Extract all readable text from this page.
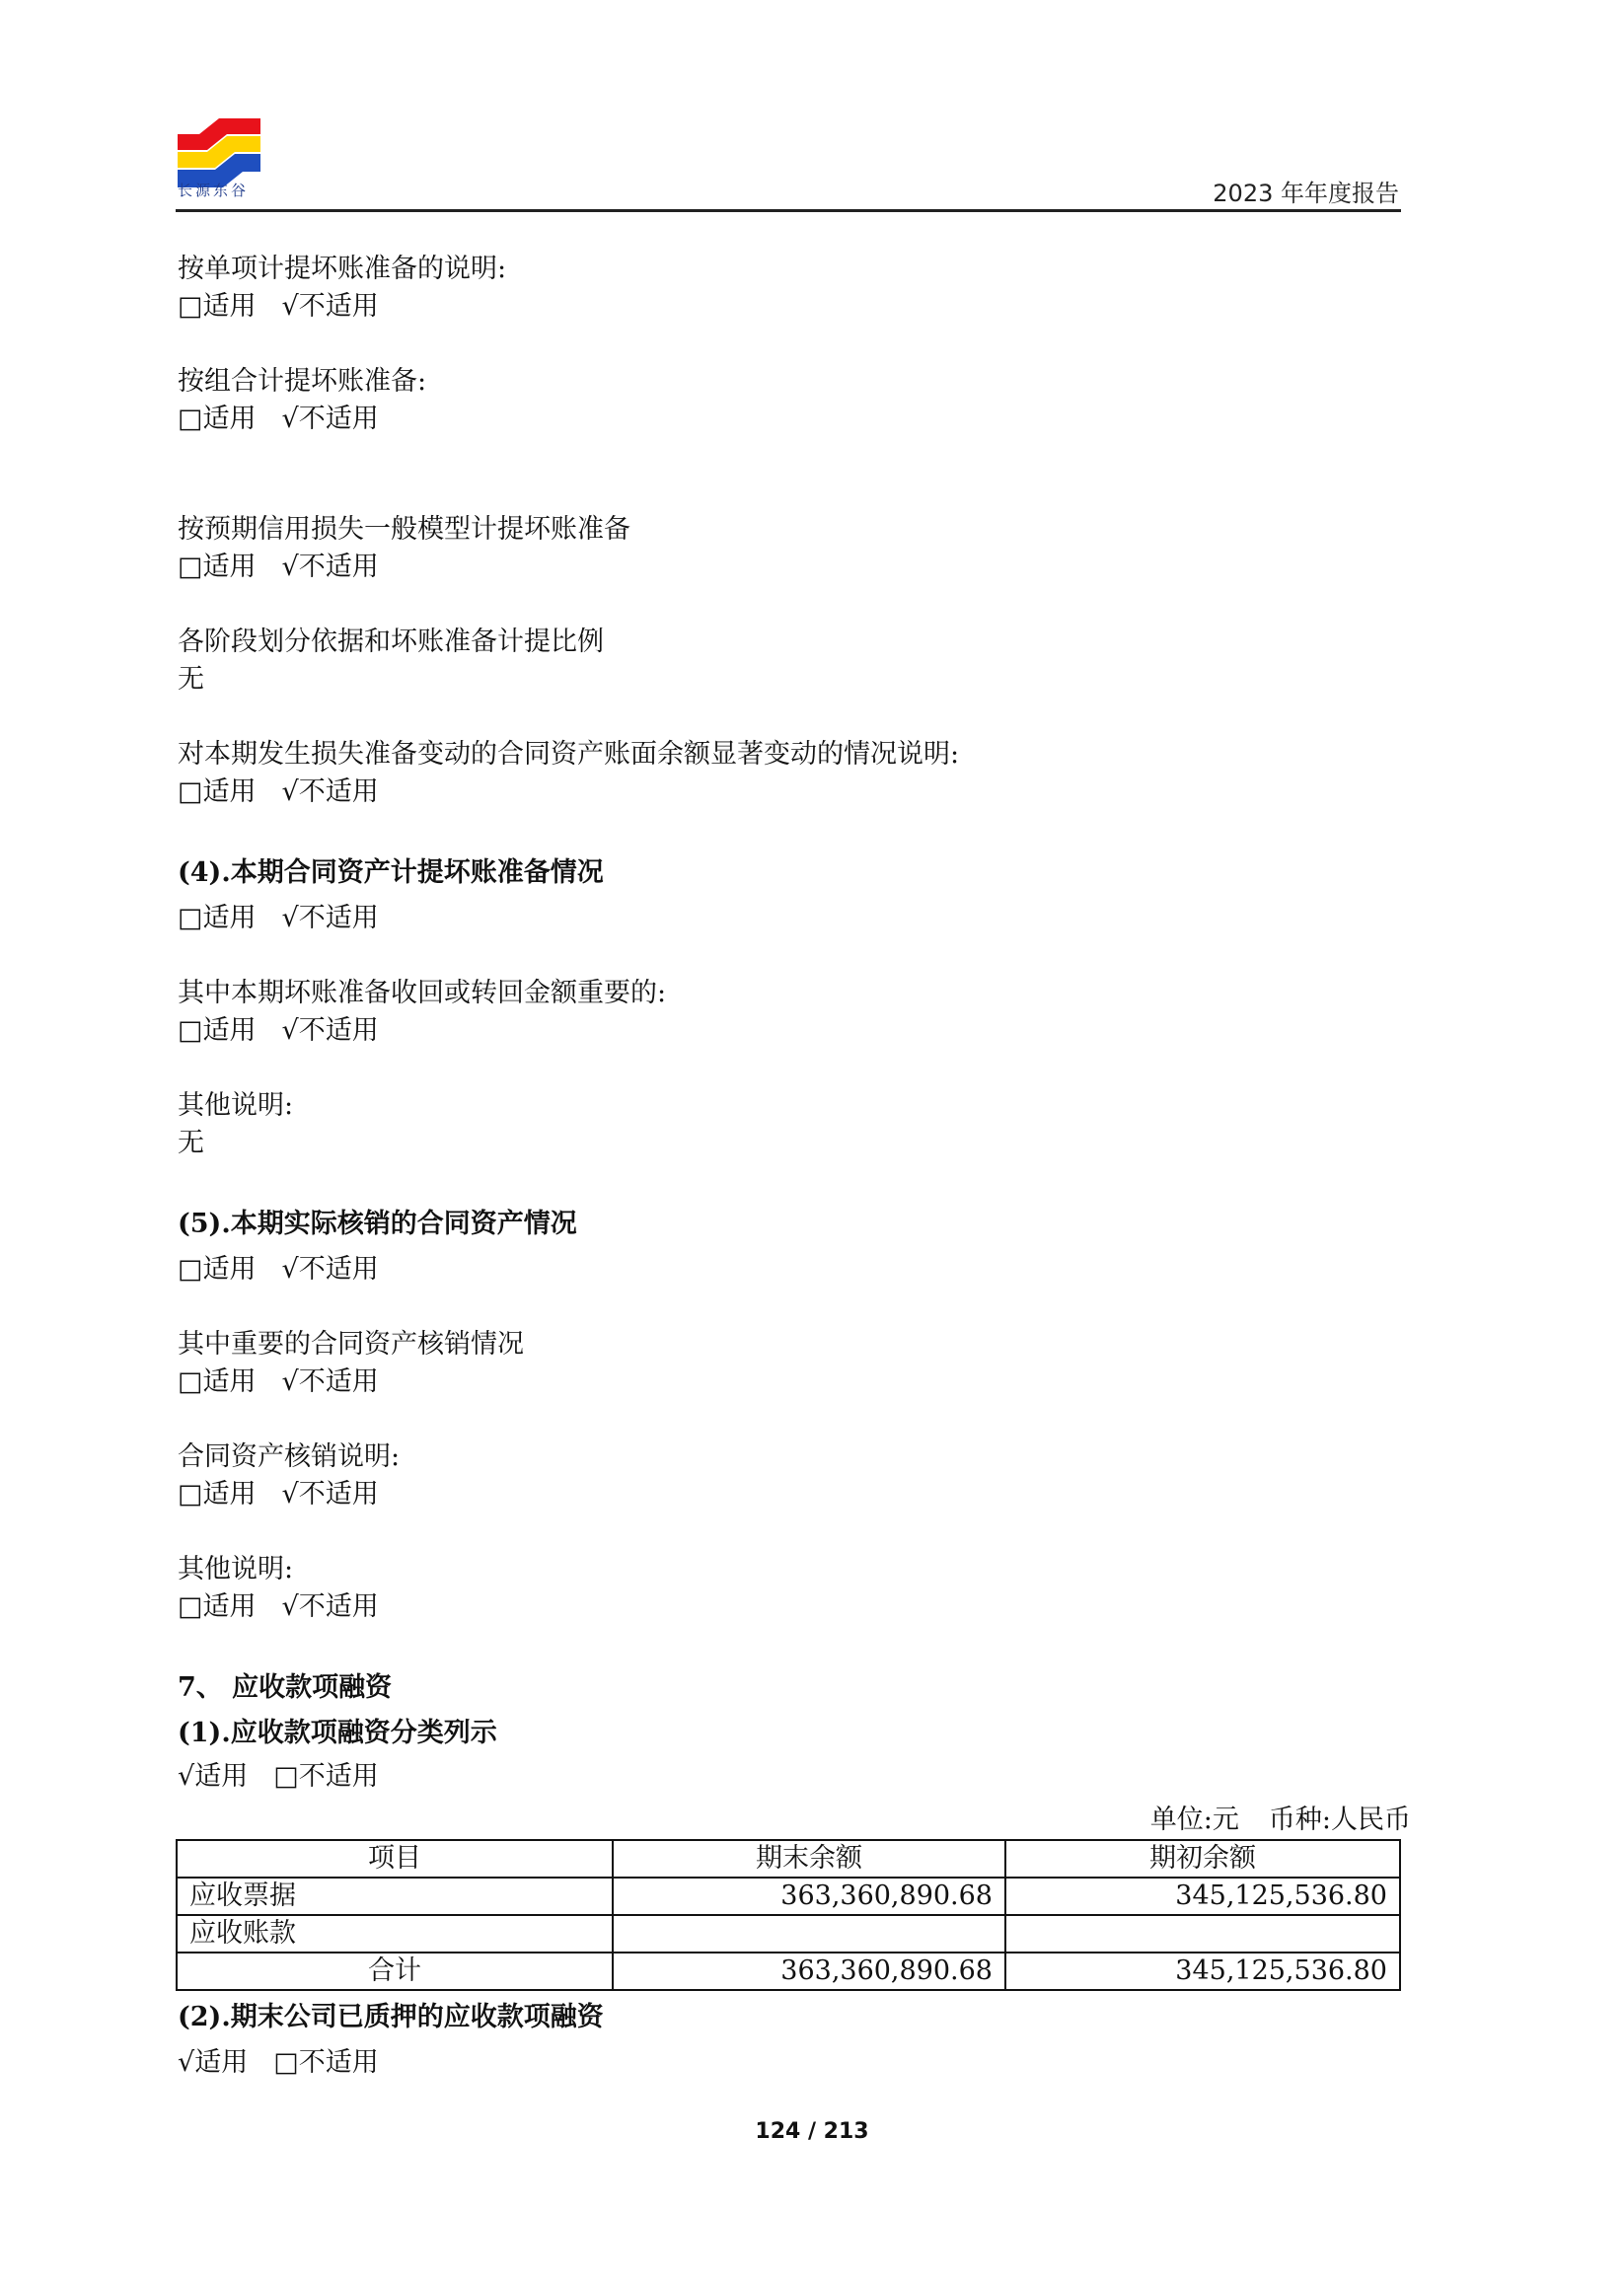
长源东谷	2023 年年度报告
按单项计提坏账准备的说明:
□适用 √不适用
按组合计提坏账准备:
□适用 √不适用
按预期信用损失一般模型计提坏账准备
□适用 √不适用
各阶段划分依据和坏账准备计提比例
无
对本期发生损失准备变动的合同资产账面余额显著变动的情况说明:
□适用 √不适用
(4).本期合同资产计提坏账准备情况
□适用 √不适用
其中本期坏账准备收回或转回金额重要的:
□适用 √不适用
其他说明:
无
(5).本期实际核销的合同资产情况
□适用 √不适用
其中重要的合同资产核销情况
□适用 √不适用
合同资产核销说明:
□适用 √不适用
其他说明:
□适用 √不适用
7、 应收款项融资
(1).应收款项融资分类列示
√适用 □不适用
单位:元 币种:人民币
项目	期末余额	期初余额
应收票据	363,360,890.68	345,125,536.80
应收账款		
合计	363,360,890.68	345,125,536.80
(2).期末公司已质押的应收款项融资
√适用 □不适用
124 / 213
